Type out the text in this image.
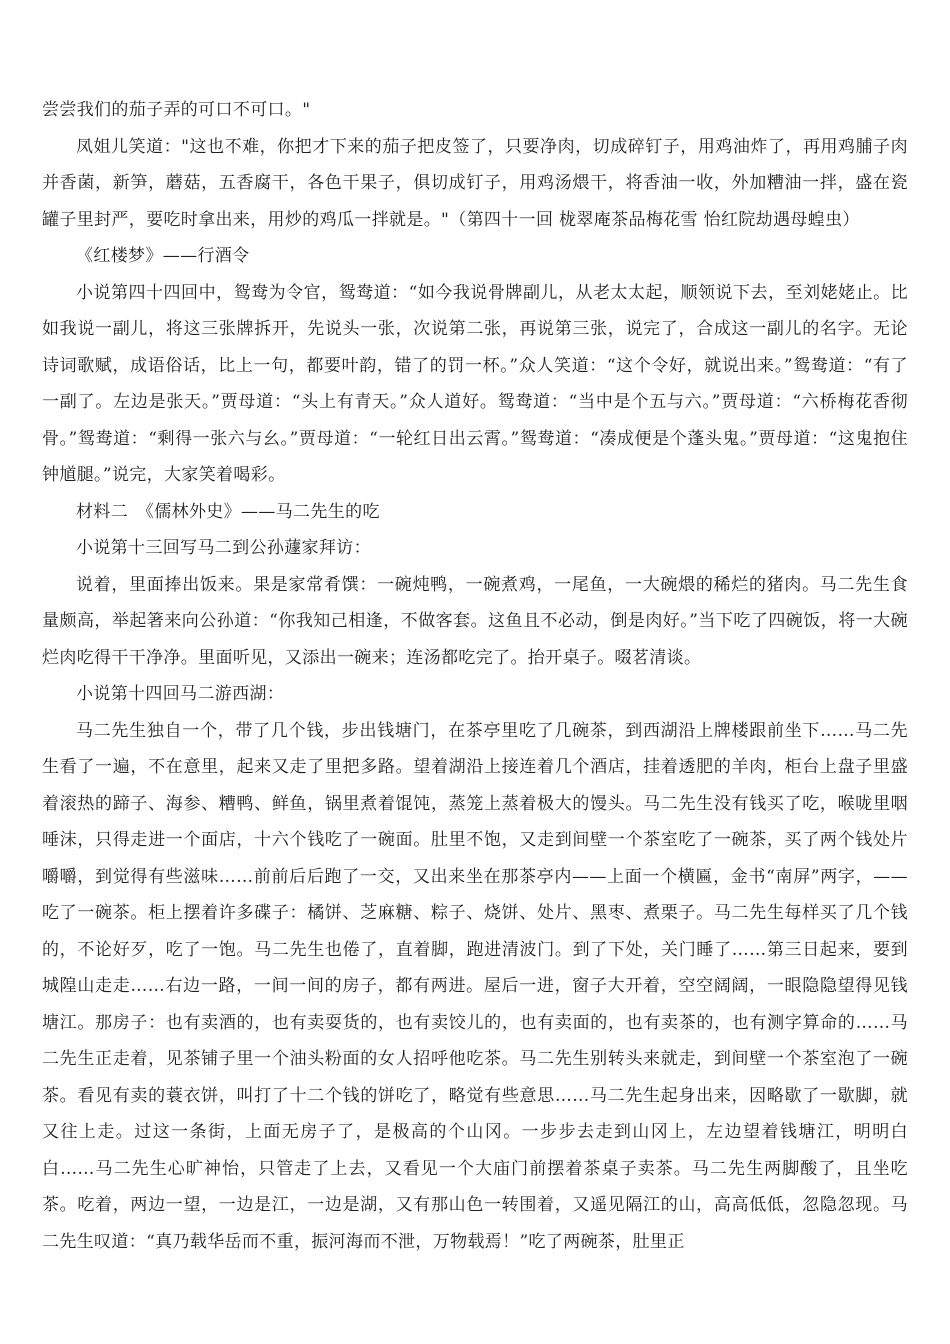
尝尝我们的茄子弄的可口不可口。"

凤姐儿笑道："这也不难，你把才下来的茄子把皮签了，只要净肉，切成碎钉子，用鸡油炸了，再用鸡脯子肉并香菌，新笋，蘑菇，五香腐干，各色干果子，俱切成钉子，用鸡汤煨干，将香油一收，外加糟油一拌，盛在瓷罐子里封严，要吃时拿出来，用炒的鸡瓜一拌就是。"（第四十一回 栊翠庵茶品梅花雪 怡红院劫遇母蝗虫）

《红楼梦》——行酒令

小说第四十四回中，鸳鸯为令官，鸳鸯道：“如今我说骨牌副儿，从老太太起，顺领说下去，至刘姥姥止。比如我说一副儿，将这三张牌拆开，先说头一张，次说第二张，再说第三张，说完了，合成这一副儿的名字。无论诗词歌赋，成语俗话，比上一句，都要叶韵，错了的罚一杯。”众人笑道：“这个令好，就说出来。”鸳鸯道：“有了一副了。左边是张天。”贾母道：“头上有青天。”众人道好。鸳鸯道：“当中是个五与六。”贾母道：“六桥梅花香彻骨。”鸳鸯道：“剩得一张六与幺。”贾母道：“一轮红日出云霄。”鸳鸯道：“凑成便是个蓬头鬼。”贾母道：“这鬼抱住钟馗腿。”说完，大家笑着喝彩。

材料二　《儒林外史》——马二先生的吃

小说第十三回写马二到公孙蘧家拜访：

说着，里面捧出饭来。果是家常肴馔：一碗炖鸭，一碗煮鸡，一尾鱼，一大碗煨的稀烂的猪肉。马二先生食量颇高，举起箸来向公孙道：“你我知己相逢，不做客套。这鱼且不必动，倒是肉好。”当下吃了四碗饭，将一大碗烂肉吃得干干净净。里面听见，又添出一碗来；连汤都吃完了。抬开桌子。啜茗清谈。

小说第十四回马二游西湖：

马二先生独自一个，带了几个钱，步出钱塘门，在茶亭里吃了几碗茶，到西湖沿上牌楼跟前坐下……马二先生看了一遍，不在意里，起来又走了里把多路。望着湖沿上接连着几个酒店，挂着透肥的羊肉，柜台上盘子里盛着滚热的蹄子、海参、糟鸭、鲜鱼，锅里煮着馄饨，蒸笼上蒸着极大的馒头。马二先生没有钱买了吃，喉咙里咽唾沫，只得走进一个面店，十六个钱吃了一碗面。肚里不饱，又走到间壁一个茶室吃了一碗茶，买了两个钱处片嚼嚼，到觉得有些滋味……前前后后跑了一交，又出来坐在那茶亭内——上面一个横匾，金书“南屏”两字，——吃了一碗茶。柜上摆着许多碟子：橘饼、芝麻糖、粽子、烧饼、处片、黑枣、煮栗子。马二先生每样买了几个钱的，不论好歹，吃了一饱。马二先生也倦了，直着脚，跑进清波门。到了下处，关门睡了……第三日起来，要到城隍山走走……右边一路，一间一间的房子，都有两进。屋后一进，窗子大开着，空空阔阔，一眼隐隐望得见钱塘江。那房子：也有卖酒的，也有卖耍货的，也有卖饺儿的，也有卖面的，也有卖茶的，也有测字算命的……马二先生正走着，见茶铺子里一个油头粉面的女人招呼他吃茶。马二先生别转头来就走，到间壁一个茶室泡了一碗茶。看见有卖的蓑衣饼，叫打了十二个钱的饼吃了，略觉有些意思……马二先生起身出来，因略歇了一歇脚，就又往上走。过这一条街，上面无房子了，是极高的个山冈。一步步去走到山冈上，左边望着钱塘江，明明白白……马二先生心旷神怡，只管走了上去，又看见一个大庙门前摆着茶桌子卖茶。马二先生两脚酸了，且坐吃茶。吃着，两边一望，一边是江，一边是湖，又有那山色一转围着，又遥见隔江的山，高高低低，忽隐忽现。马二先生叹道：“真乃载华岳而不重，振河海而不泄，万物载焉！”吃了两碗茶，肚里正
